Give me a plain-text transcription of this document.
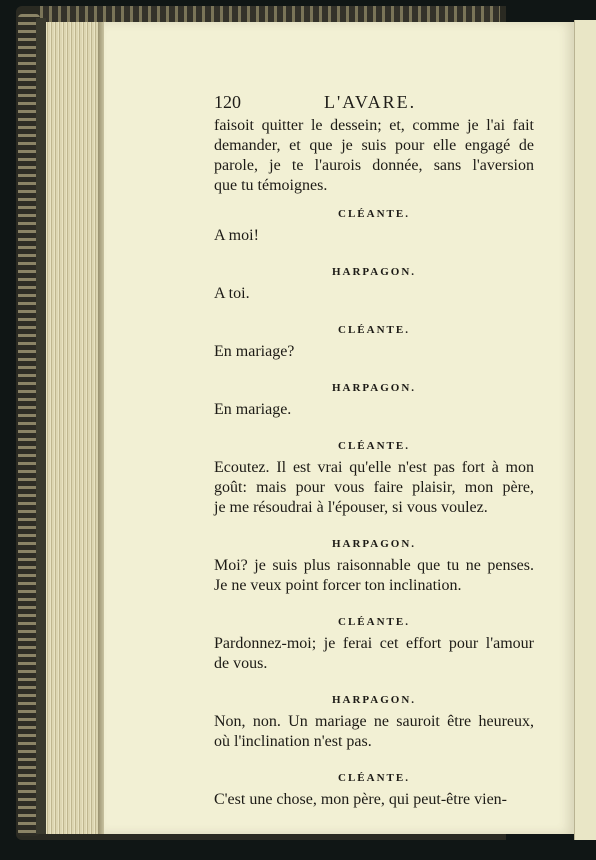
120	L'AVARE.

faisoit quitter le dessein; et, comme je l'ai fait

demander, et que je suis pour elle engagé de

parole, je te l'aurois donnée, sans l'aversion

que tu témoignes.

CLÉANTE.

A moi!

HARPAGON.

A toi.

CLÉANTE.

En mariage?

HARPAGON.

En mariage.

CLÉANTE.

Ecoutez. Il est vrai qu'elle n'est pas fort à mon

goût: mais pour vous faire plaisir, mon père,

je me résoudrai à l'épouser, si vous voulez.

HARPAGON.

Moi? je suis plus raisonnable que tu ne penses.

Je ne veux point forcer ton inclination.

CLÉANTE.

Pardonnez-moi; je ferai cet effort pour l'amour

de vous.

HARPAGON.

Non, non. Un mariage ne sauroit être heureux,

où l'inclination n'est pas.

CLÉANTE.

C'est une chose, mon père, qui peut-être vien-
